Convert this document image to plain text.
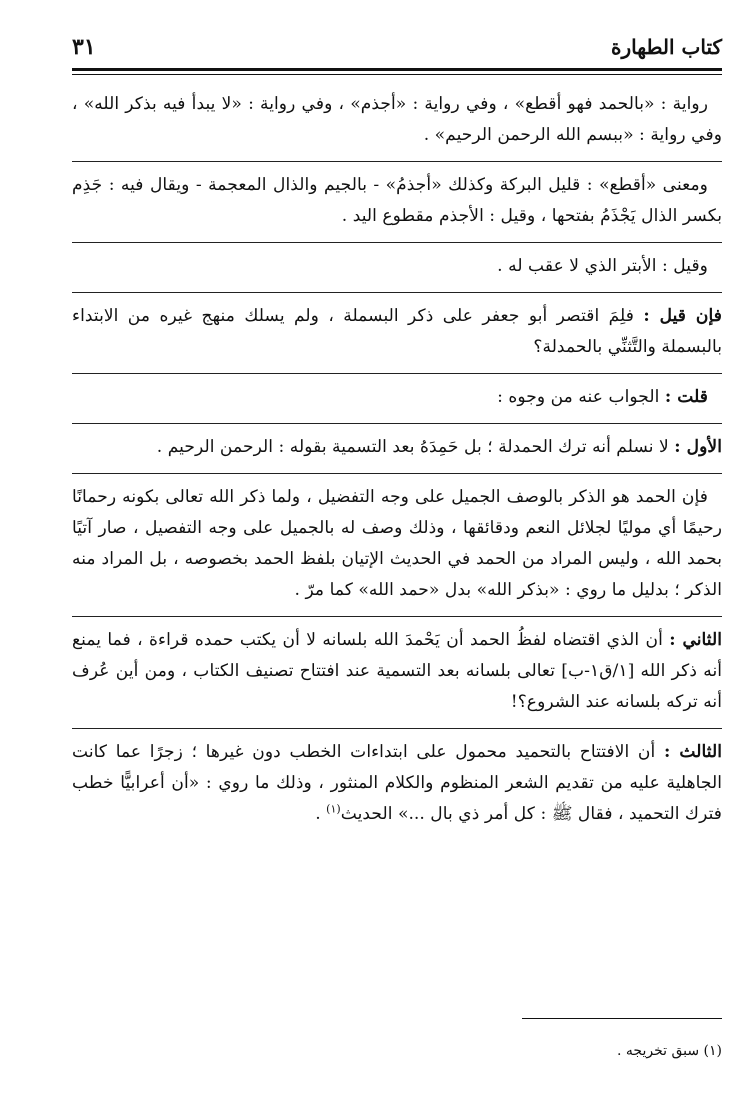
كتاب الطهارة
٣١

رواية : «بالحمد فهو أقطع» ، وفي رواية : «أجذم» ، وفي رواية : «لا يبدأ فيه بذكر الله» ، وفي رواية : «ببسم الله الرحمن الرحيم» .

ومعنى «أقطع» : قليل البركة وكذلك «أجذمُ» - بالجيم والذال المعجمة - ويقال فيه : جَذِم بكسر الذال يَجْذَمُ بفتحها ، وقيل : الأجذم مقطوع اليد .

وقيل : الأبتر الذي لا عقب له .

فإن قيل : فلِمَ اقتصر أبو جعفر على ذكر البسملة ، ولم يسلك منهج غيره من الابتداء بالبسملة والتَّثنِّي بالحمدلة؟

قلت : الجواب عنه من وجوه :

الأول : لا نسلم أنه ترك الحمدلة ؛ بل حَمِدَهُ بعد التسمية بقوله : الرحمن الرحيم .

فإن الحمد هو الذكر بالوصف الجميل على وجه التفضيل ، ولما ذكر الله تعالى بكونه رحمانًا رحيمًا أي موليًا لجلائل النعم ودقائقها ، وذلك وصف له بالجميل على وجه التفصيل ، صار آتيًا بحمد الله ، وليس المراد من الحمد في الحديث الإتيان بلفظ الحمد بخصوصه ، بل المراد منه الذكر ؛ بدليل ما روي : «بذكر الله» بدل «حمد الله» كما مرّ .

الثاني : أن الذي اقتضاه لفظُ الحمد أن يَحْمدَ الله بلسانه لا أن يكتب حمده قراءة ، فما يمنع أنه ذكر الله [١/ق١-ب] تعالى بلسانه بعد التسمية عند افتتاح تصنيف الكتاب ، ومن أين عُرف أنه تركه بلسانه عند الشروع؟!

الثالث : أن الافتتاح بالتحميد محمول على ابتداءات الخطب دون غيرها ؛ زجرًا عما كانت الجاهلية عليه من تقديم الشعر المنظوم والكلام المنثور ، وذلك ما روي : «أن أعرابيًّا خطب فترك التحميد ، فقال ﷺ : كل أمر ذي بال ...» الحديث$^{(١)}$ .

(١) سبق تخريجه .
